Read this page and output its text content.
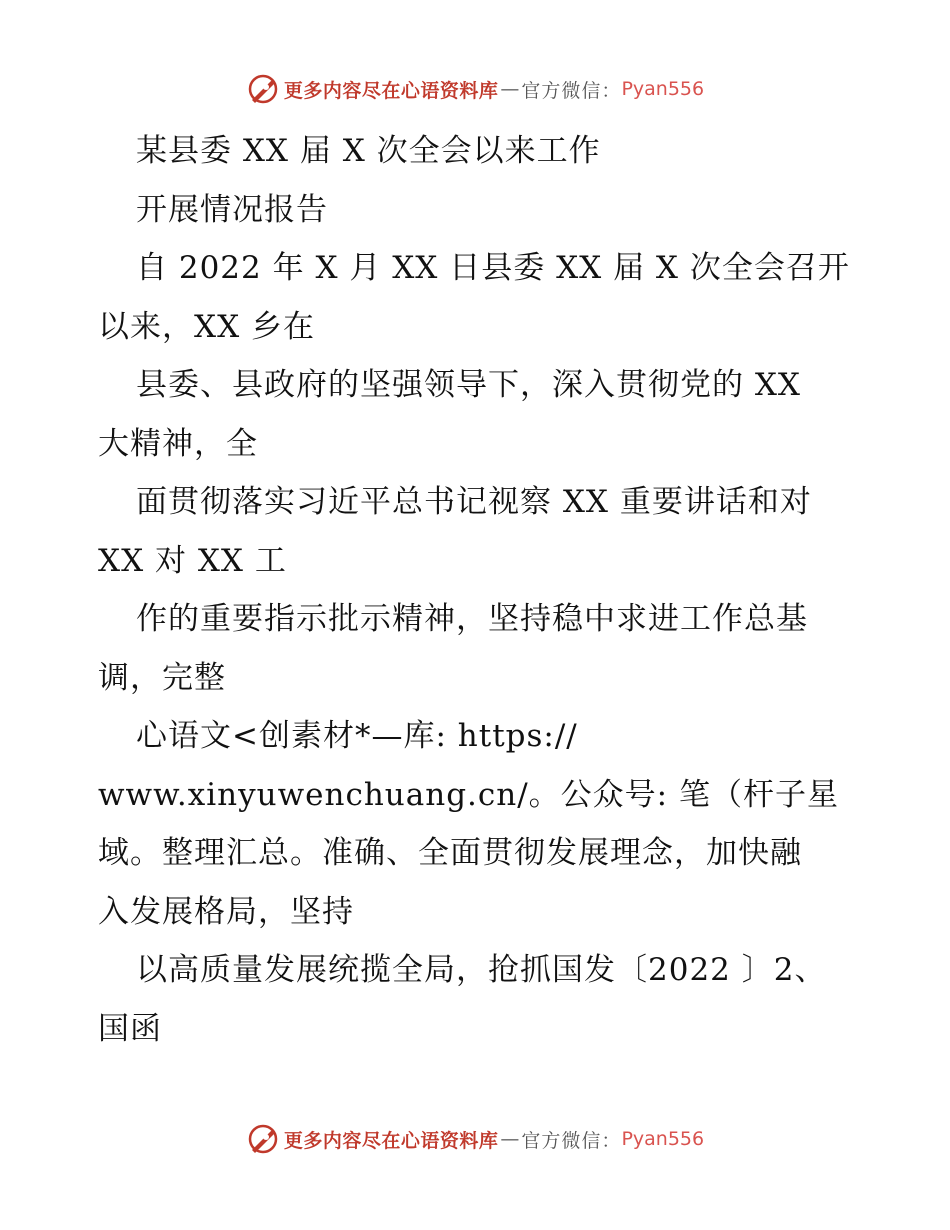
更多内容尽在心语资料库 — 官方微信： Pyan556
某县委 XX 届 X 次全会以来工作
开展情况报告
自 2022 年 X 月 XX 日县委 XX 届 X 次全会召开
以来，XX 乡在
县委、县政府的坚强领导下，深入贯彻党的 XX
大精神，全
面贯彻落实习近平总书记视察 XX 重要讲话和对
XX 对 XX 工
作的重要指示批示精神，坚持稳中求进工作总基
调，完整
心语文<创素材*—库: https://
www.xinyuwenchuang.cn/。公众号: 笔（杆子星
域。整理汇总。准确、全面贯彻发展理念，加快融
入发展格局，坚持
以高质量发展统揽全局，抢抓国发〔2022 〕2、
国函
更多内容尽在心语资料库 — 官方微信： Pyan556
